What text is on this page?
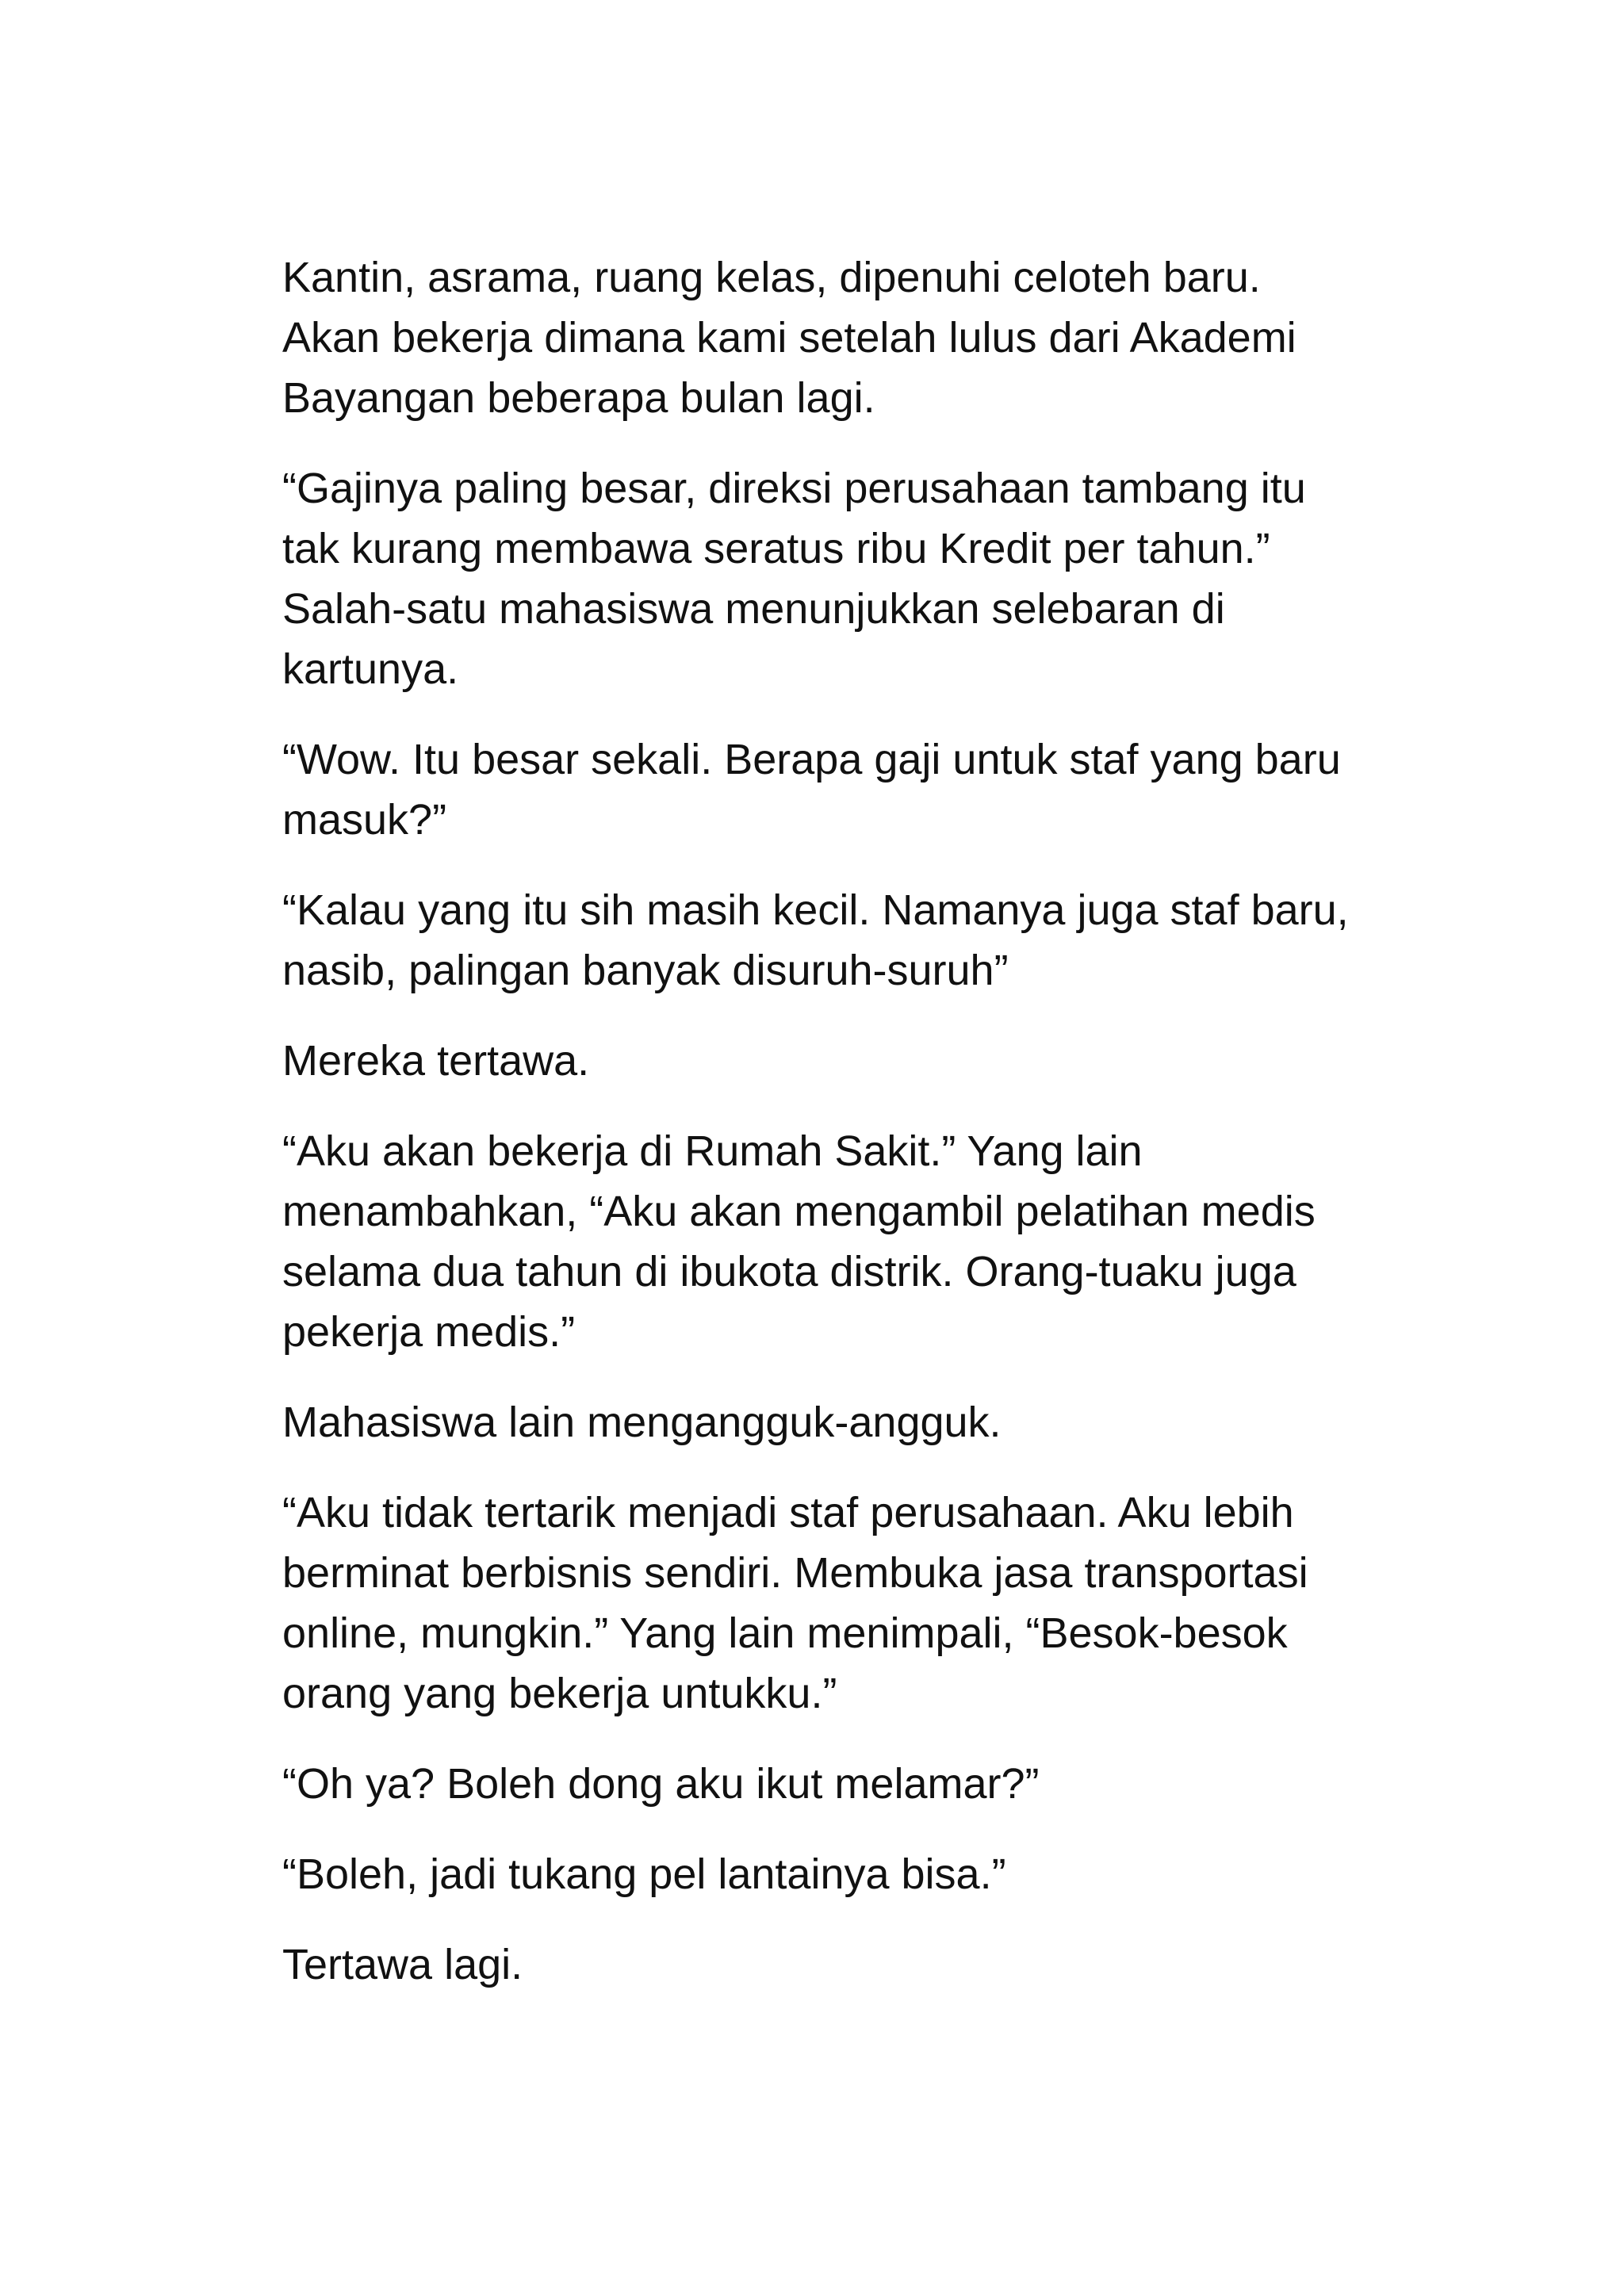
Kantin, asrama, ruang kelas, dipenuhi celoteh baru.
Akan bekerja dimana kami setelah lulus dari Akademi
Bayangan beberapa bulan lagi.

“Gajinya paling besar, direksi perusahaan tambang itu
tak kurang membawa seratus ribu Kredit per tahun.”
Salah-satu mahasiswa menunjukkan selebaran di
kartunya.

“Wow. Itu besar sekali. Berapa gaji untuk staf yang baru
masuk?”

“Kalau yang itu sih masih kecil. Namanya juga staf baru,
nasib, palingan banyak disuruh-suruh”

Mereka tertawa.

“Aku akan bekerja di Rumah Sakit.” Yang lain
menambahkan, “Aku akan mengambil pelatihan medis
selama dua tahun di ibukota distrik. Orang-tuaku juga
pekerja medis.”

Mahasiswa lain mengangguk-angguk.

“Aku tidak tertarik menjadi staf perusahaan. Aku lebih
berminat berbisnis sendiri. Membuka jasa transportasi
online, mungkin.” Yang lain menimpali, “Besok-besok
orang yang bekerja untukku.”

“Oh ya? Boleh dong aku ikut melamar?”

“Boleh, jadi tukang pel lantainya bisa.”

Tertawa lagi.
